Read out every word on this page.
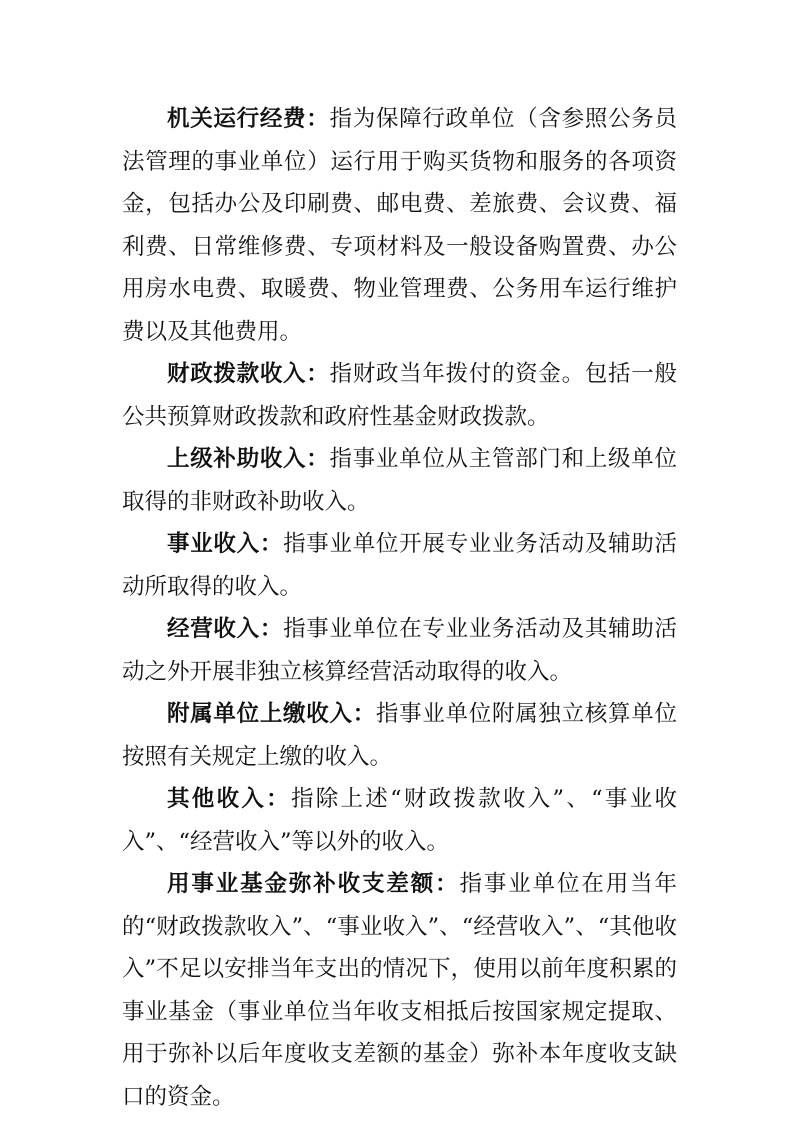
机关运行经费：指为保障行政单位（含参照公务员法管理的事业单位）运行用于购买货物和服务的各项资金，包括办公及印刷费、邮电费、差旅费、会议费、福利费、日常维修费、专项材料及一般设备购置费、办公用房水电费、取暖费、物业管理费、公务用车运行维护费以及其他费用。

财政拨款收入：指财政当年拨付的资金。包括一般公共预算财政拨款和政府性基金财政拨款。

上级补助收入：指事业单位从主管部门和上级单位取得的非财政补助收入。

事业收入：指事业单位开展专业业务活动及辅助活动所取得的收入。

经营收入：指事业单位在专业业务活动及其辅助活动之外开展非独立核算经营活动取得的收入。

附属单位上缴收入：指事业单位附属独立核算单位按照有关规定上缴的收入。

其他收入：指除上述“财政拨款收入”、“事业收入”、“经营收入”等以外的收入。

用事业基金弥补收支差额：指事业单位在用当年的“财政拨款收入”、“事业收入”、“经营收入”、“其他收入”不足以安排当年支出的情况下，使用以前年度积累的事业基金（事业单位当年收支相抵后按国家规定提取、用于弥补以后年度收支差额的基金）弥补本年度收支缺口的资金。
